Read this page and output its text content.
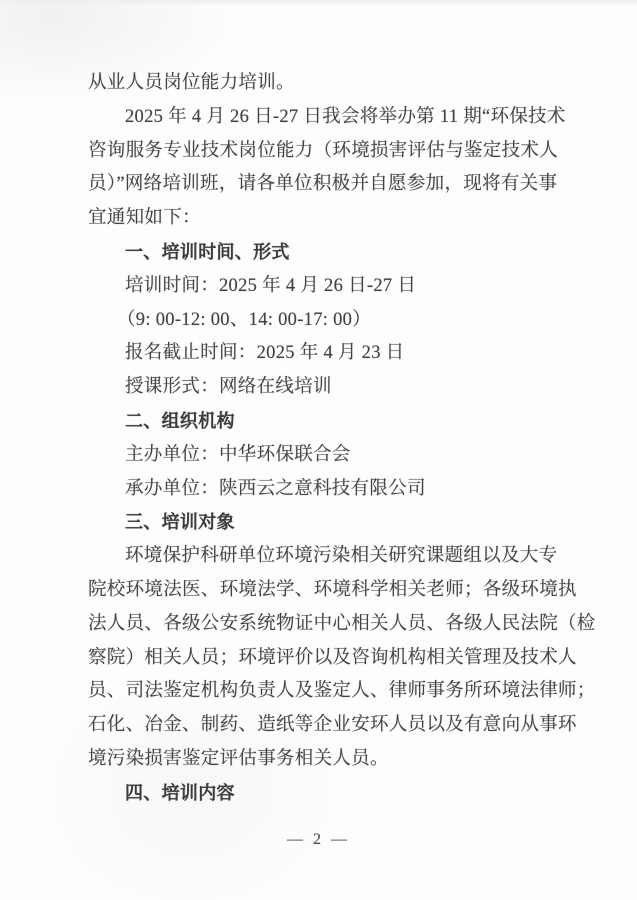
从业人员岗位能力培训。
2025 年 4 月 26 日-27 日我会将举办第 11 期“环保技术
咨询服务专业技术岗位能力（环境损害评估与鉴定技术人
员）”网络培训班，请各单位积极并自愿参加，现将有关事
宜通知如下：
一、培训时间、形式
培训时间：2025 年 4 月 26 日-27 日
（9: 00-12: 00、14: 00-17: 00）
报名截止时间：2025 年 4 月 23 日
授课形式：网络在线培训
二、组织机构
主办单位：中华环保联合会
承办单位：陕西云之意科技有限公司
三、培训对象
环境保护科研单位环境污染相关研究课题组以及大专
院校环境法医、环境法学、环境科学相关老师；各级环境执
法人员、各级公安系统物证中心相关人员、各级人民法院（检
察院）相关人员；环境评价以及咨询机构相关管理及技术人
员、司法鉴定机构负责人及鉴定人、律师事务所环境法律师；
石化、冶金、制药、造纸等企业安环人员以及有意向从事环
境污染损害鉴定评估事务相关人员。
四、培训内容
— 2 —
